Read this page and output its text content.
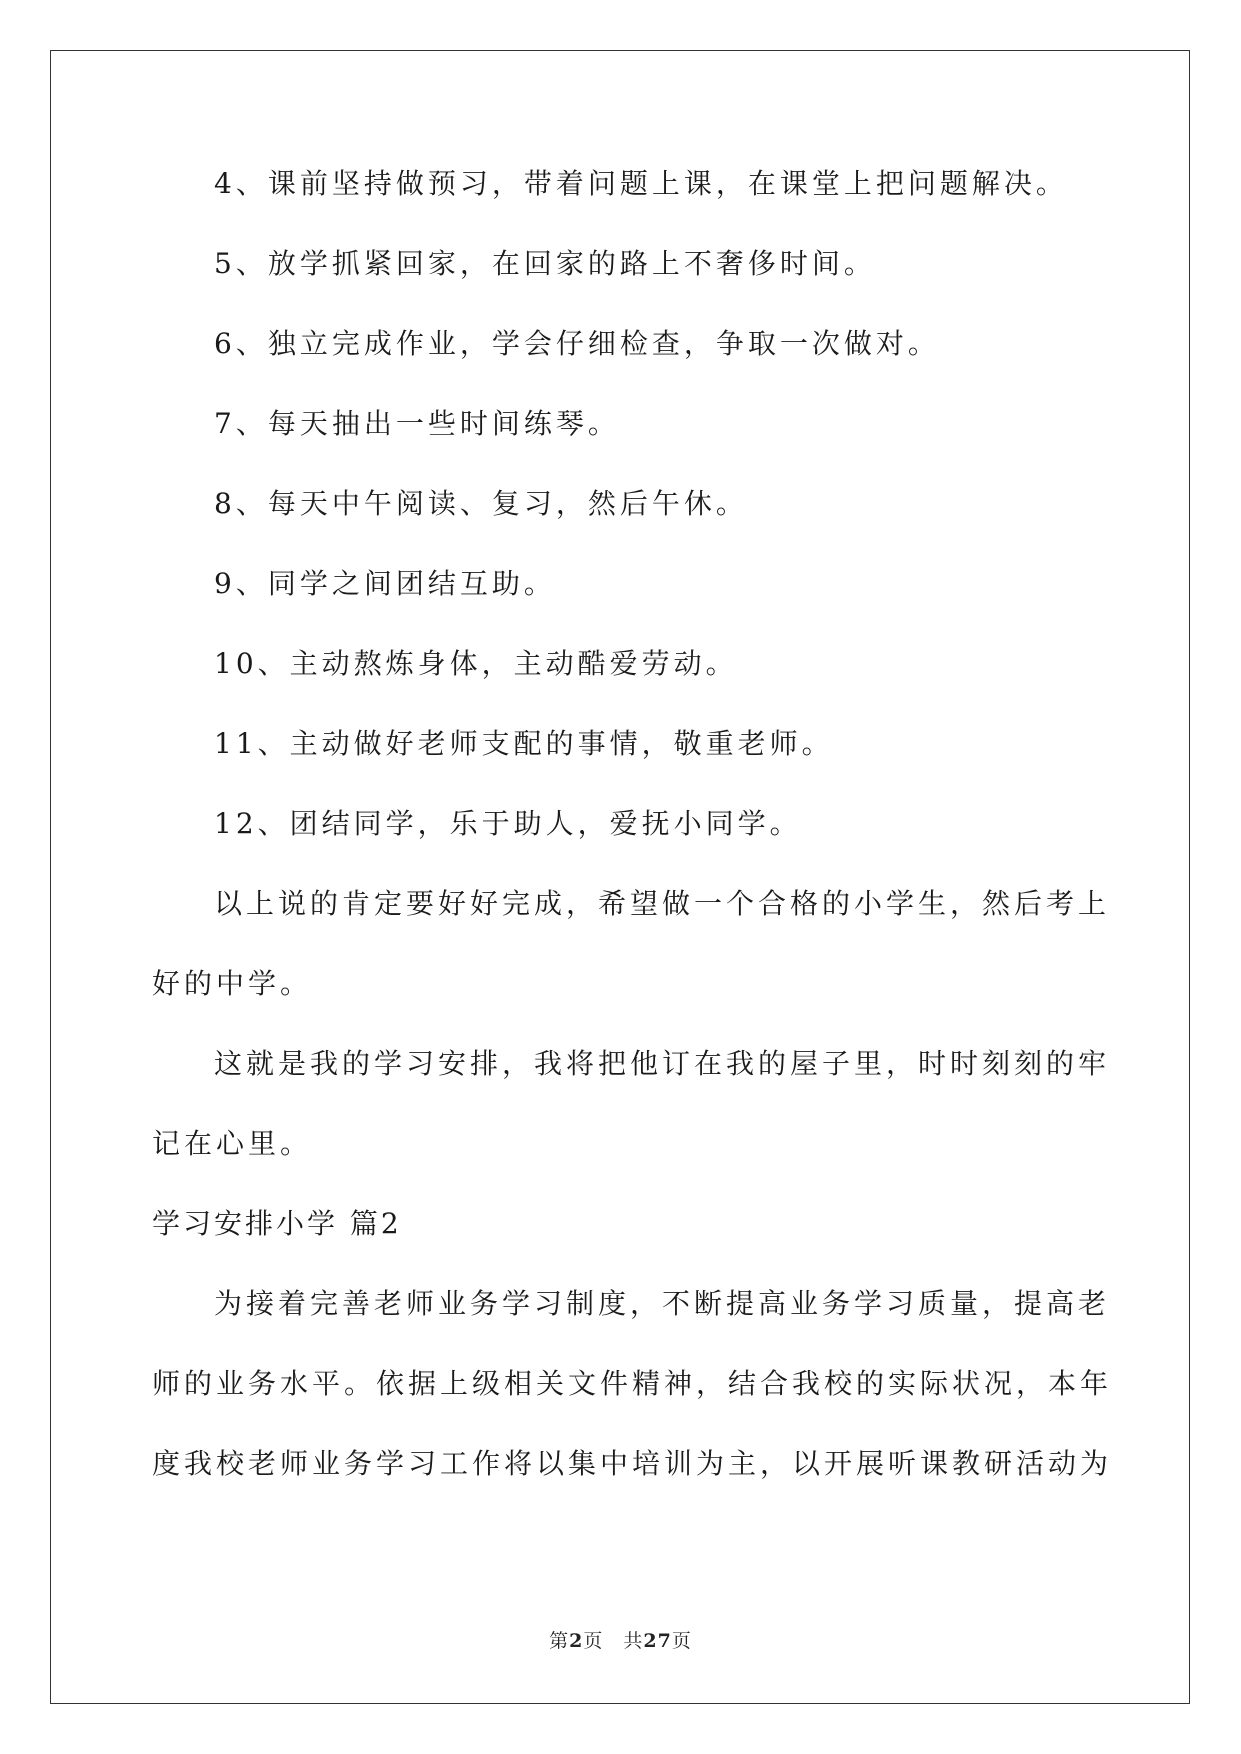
4、课前坚持做预习，带着问题上课，在课堂上把问题解决。
5、放学抓紧回家，在回家的路上不奢侈时间。
6、独立完成作业，学会仔细检查，争取一次做对。
7、每天抽出一些时间练琴。
8、每天中午阅读、复习，然后午休。
9、同学之间团结互助。
10、主动熬炼身体，主动酷爱劳动。
11、主动做好老师支配的事情，敬重老师。
12、团结同学，乐于助人，爱抚小同学。
以上说的肯定要好好完成，希望做一个合格的小学生，然后考上
好的中学。
这就是我的学习安排，我将把他订在我的屋子里，时时刻刻的牢
记在心里。
学习安排小学 篇2
为接着完善老师业务学习制度，不断提高业务学习质量，提高老
师的业务水平。依据上级相关文件精神，结合我校的实际状况，本年
度我校老师业务学习工作将以集中培训为主，以开展听课教研活动为
第2页　共27页
